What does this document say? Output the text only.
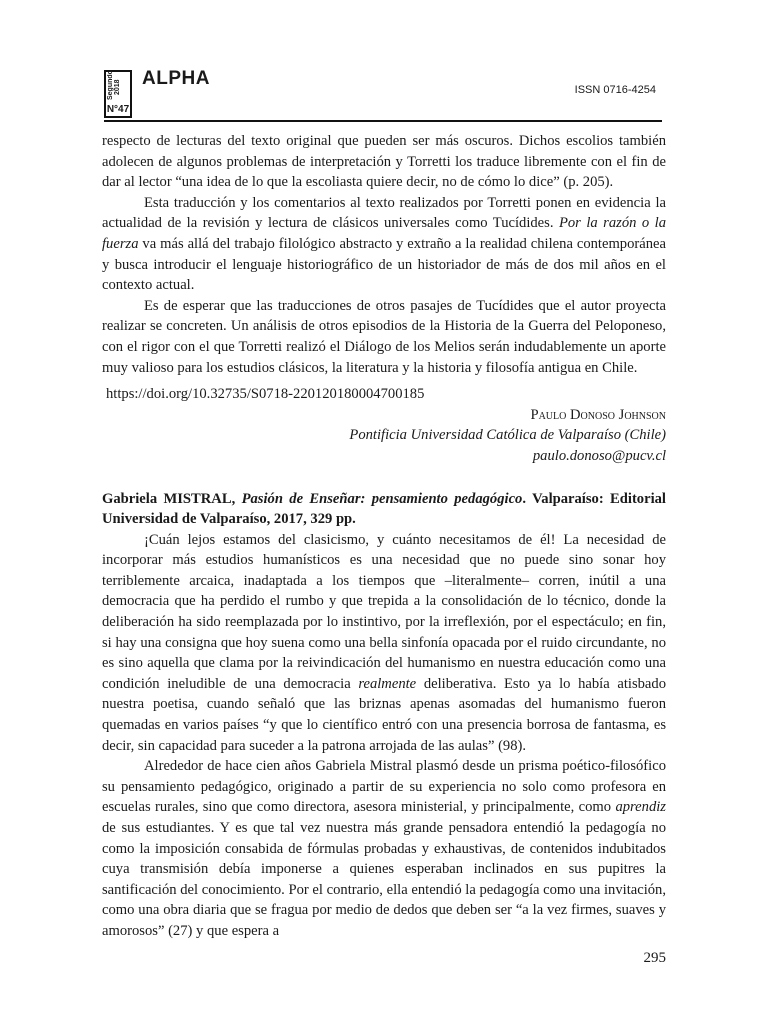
Segundo 2018
N°47
ALPHA
ISSN 0716-4254

respecto de lecturas del texto original que pueden ser más oscuros. Dichos escolios también adolecen de algunos problemas de interpretación y Torretti los traduce libremente con el fin de dar al lector “una idea de lo que la escoliasta quiere decir, no de cómo lo dice” (p. 205).

Esta traducción y los comentarios al texto realizados por Torretti ponen en evidencia la actualidad de la revisión y lectura de clásicos universales como Tucídides. Por la razón o la fuerza va más allá del trabajo filológico abstracto y extraño a la realidad chilena contemporánea y busca introducir el lenguaje historiográfico de un historiador de más de dos mil años en el contexto actual.

Es de esperar que las traducciones de otros pasajes de Tucídides que el autor proyecta realizar se concreten. Un análisis de otros episodios de la Historia de la Guerra del Peloponeso, con el rigor con el que Torretti realizó el Diálogo de los Melios serán indudablemente un aporte muy valioso para los estudios clásicos, la literatura y la historia y filosofía antigua en Chile.

https://doi.org/10.32735/S0718-220120180004700185

Paulo Donoso Johnson

Pontificia Universidad Católica de Valparaíso (Chile)

paulo.donoso@pucv.cl

Gabriela MISTRAL, Pasión de Enseñar: pensamiento pedagógico. Valparaíso: Editorial Universidad de Valparaíso, 2017, 329 pp.

¡Cuán lejos estamos del clasicismo, y cuánto necesitamos de él! La necesidad de incorporar más estudios humanísticos es una necesidad que no puede sino sonar hoy terriblemente arcaica, inadaptada a los tiempos que –literalmente– corren, inútil a una democracia que ha perdido el rumbo y que trepida a la consolidación de lo técnico, donde la deliberación ha sido reemplazada por lo instintivo, por la irreflexión, por el espectáculo; en fin, si hay una consigna que hoy suena como una bella sinfonía opacada por el ruido circundante, no es sino aquella que clama por la reivindicación del humanismo en nuestra educación como una condición ineludible de una democracia realmente deliberativa. Esto ya lo había atisbado nuestra poetisa, cuando señaló que las briznas apenas asomadas del humanismo fueron quemadas en varios países “y que lo científico entró con una presencia borrosa de fantasma, es decir, sin capacidad para suceder a la patrona arrojada de las aulas” (98).

Alrededor de hace cien años Gabriela Mistral plasmó desde un prisma poético-filosófico su pensamiento pedagógico, originado a partir de su experiencia no solo como profesora en escuelas rurales, sino que como directora, asesora ministerial, y principalmente, como aprendiz de sus estudiantes. Y es que tal vez nuestra más grande pensadora entendió la pedagogía no como la imposición consabida de fórmulas probadas y exhaustivas, de contenidos indubitados cuya transmisión debía imponerse a quienes esperaban inclinados en sus pupitres la santificación del conocimiento. Por el contrario, ella entendió la pedagogía como una invitación, como una obra diaria que se fragua por medio de dedos que deben ser “a la vez firmes, suaves y amorosos” (27) y que espera a

295
